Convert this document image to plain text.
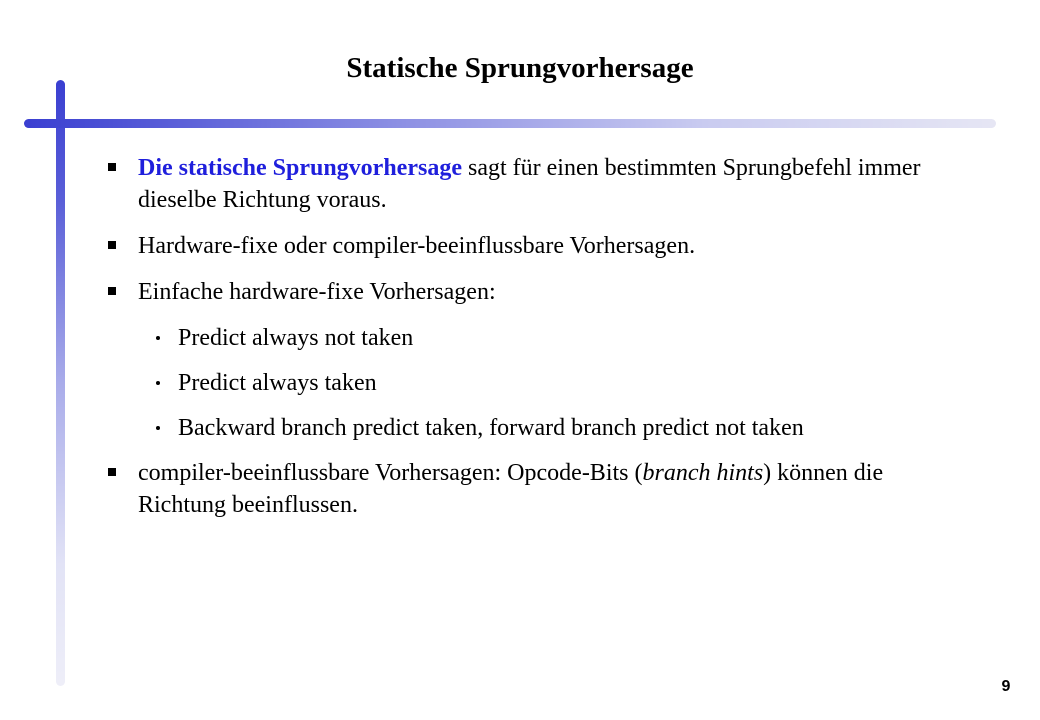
Statische Sprungvorhersage
Die statische Sprungvorhersage sagt für einen bestimmten Sprungbefehl immer dieselbe Richtung voraus.
Hardware-fixe oder compiler-beeinflussbare Vorhersagen.
Einfache hardware-fixe Vorhersagen:
Predict always not taken
Predict always taken
Backward branch predict taken, forward branch predict not taken
compiler-beeinflussbare Vorhersagen: Opcode-Bits (branch hints) können die Richtung beeinflussen.
9
